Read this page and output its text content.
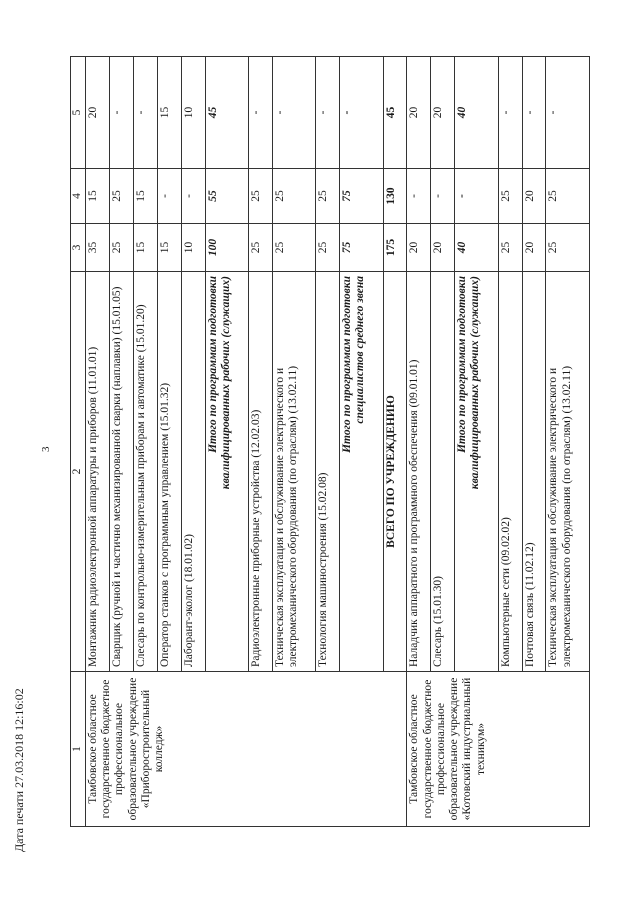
3
Дата печати 27.03.2018 12:16:02	1	2	3	4	5
Тамбовское областное государственное бюджетное профессиональное образовательное учреждение «Приборостроительный колледж»	Монтажник радиоэлектронной аппаратуры и приборов (11.01.01)	35	15	20
	Сварщик (ручной и частично механизированной сварки (наплавки) (15.01.05)	25	25	-
	Слесарь по контрольно-измерительным приборам и автоматике (15.01.20)	15	15	-
	Оператор станков с программным управлением (15.01.32)	15	-	15
	Лаборант-эколог (18.01.02)	10	-	10

	Итого по программам подготовки квалифицированных рабочих (служащих)	100	55	45
	Радиоэлектронные приборные устройства (12.02.03)	25	25	-
	Техническая эксплуатация и обслуживание электрического и электромеханического оборудования (по отраслям) (13.02.11)	25	25	-
	Технология машиностроения (15.02.08)	25	25	-

	Итого по программам подготовки специалистов среднего звена	75	75	-
	ВСЕГО ПО УЧРЕЖДЕНИЮ	175	130	45
Тамбовское областное государственное бюджетное профессиональное образовательное учреждение «Котовский индустриальный техникум»	Наладчик аппаратного и программного обеспечения (09.01.01)	20	-	20
	Слесарь (15.01.30)	20	-	20

	Итого по программам подготовки квалифицированных рабочих (служащих)	40	-	40
	Компьютерные сети (09.02.02)	25	25	-
	Почтовая связь (11.02.12)	20	20	-
	Техническая эксплуатация и обслуживание электрического и электромеханического оборудования (по отраслям) (13.02.11)	25	25	-
